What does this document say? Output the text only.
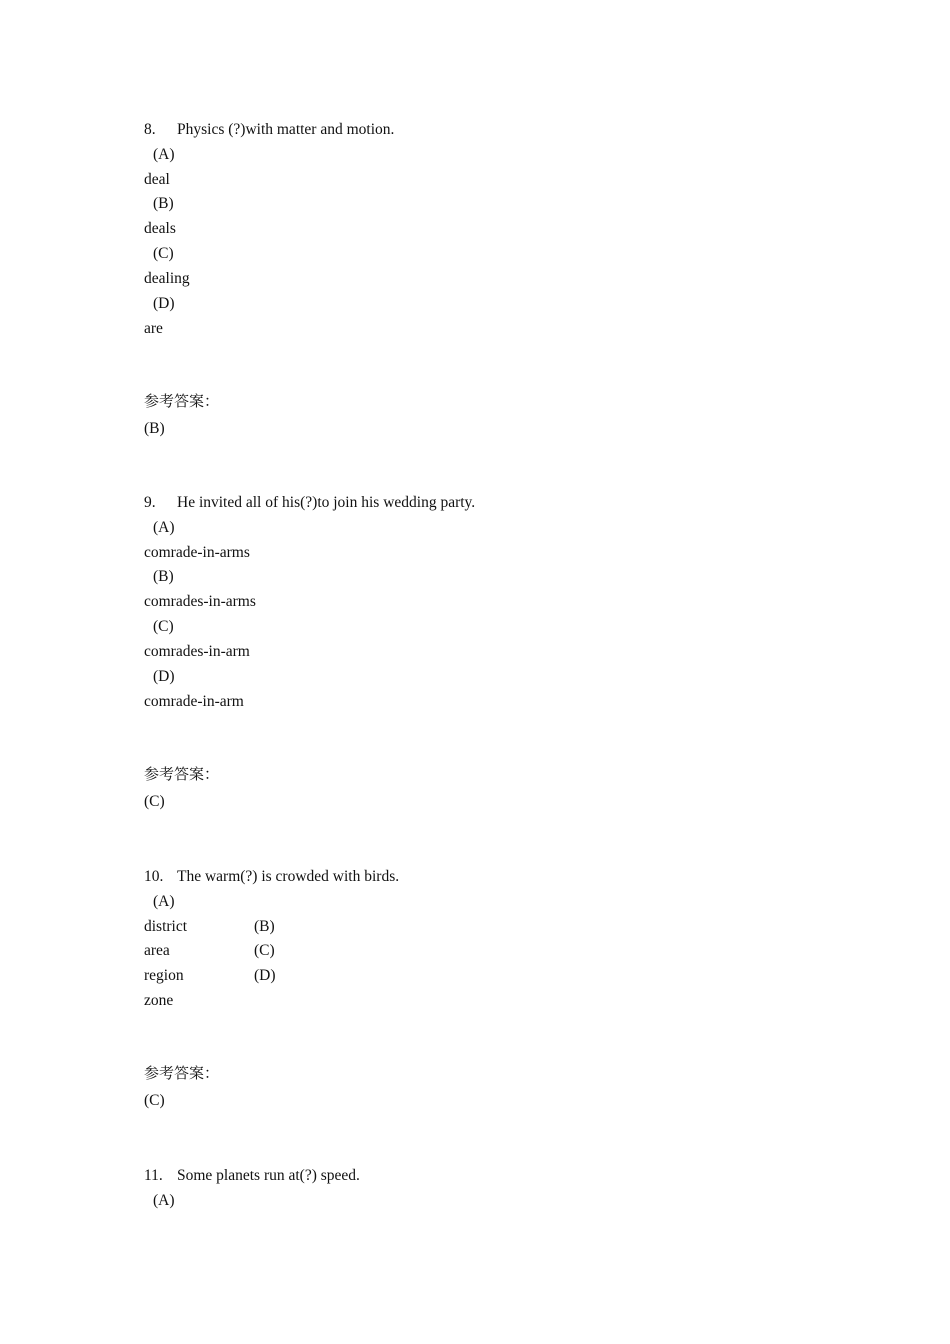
8. Physics (?)with matter and motion.
(A)
deal
(B)
deals
(C)
dealing
(D)
are
参考答案：
(B)
9. He invited all of his(?)to join his wedding party.
(A)
comrade-in-arms
(B)
comrades-in-arms
(C)
comrades-in-arm
(D)
comrade-in-arm
参考答案：
(C)
10. The warm(?) is crowded with birds.
(A)
district	(B)
area	(C)
region	(D)
zone
参考答案：
(C)
11. Some planets run at(?) speed.
(A)
